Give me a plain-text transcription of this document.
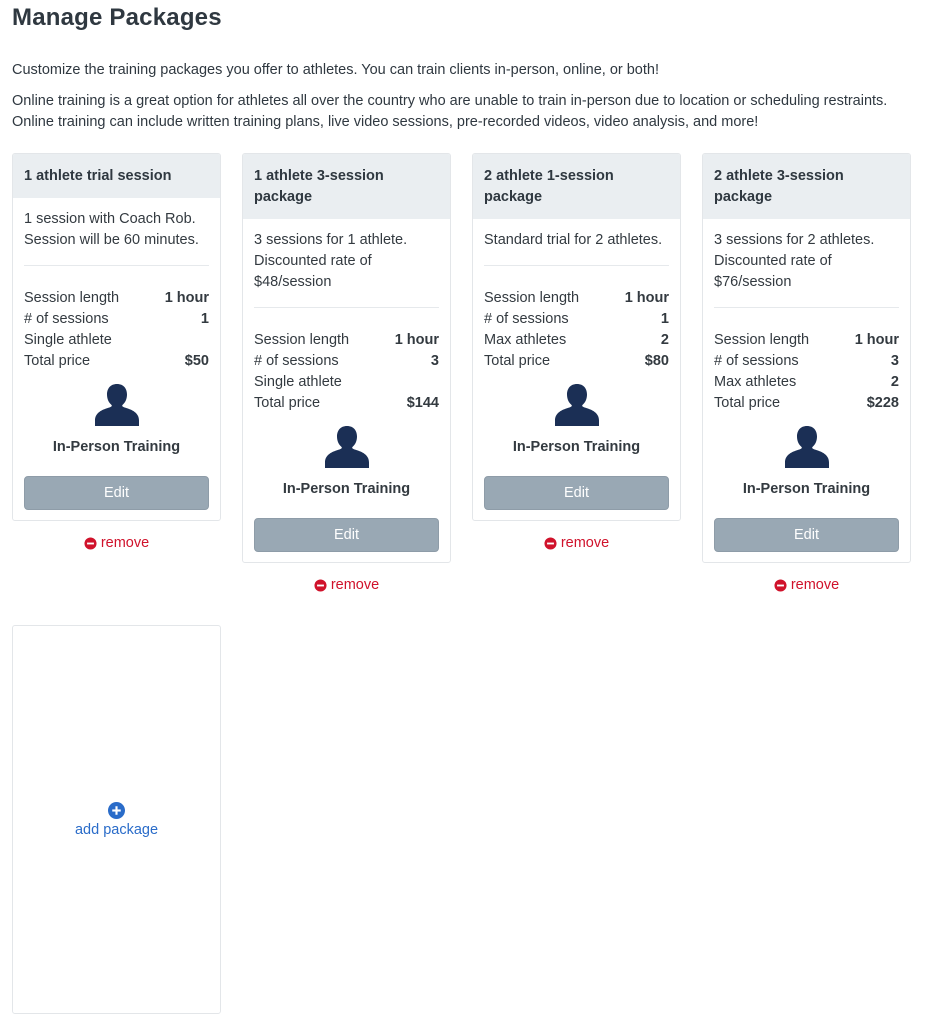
Manage Packages

Customize the training packages you offer to athletes. You can train clients in-person, online, or both!

Online training is a great option for athletes all over the country who are unable to train in-person due to location or scheduling restraints. Online training can include written training plans, live video sessions, pre-recorded videos, video analysis, and more!

1 athlete trial session
1 session with Coach Rob. Session will be 60 minutes.
Session length	1 hour
# of sessions	1
Single athlete
Total price	$50
In-Person Training
Edit
remove
1 athlete 3-session package
3 sessions for 1 athlete. Discounted rate of $48/session
Session length	1 hour
# of sessions	3
Single athlete
Total price	$144
In-Person Training
Edit
remove
2 athlete 1-session package
Standard trial for 2 athletes.
Session length	1 hour
# of sessions	1
Max athletes	2
Total price	$80
In-Person Training
Edit
remove
2 athlete 3-session package
3 sessions for 2 athletes. Discounted rate of $76/session
Session length	1 hour
# of sessions	3
Max athletes	2
Total price	$228
In-Person Training
Edit
remove
add package
